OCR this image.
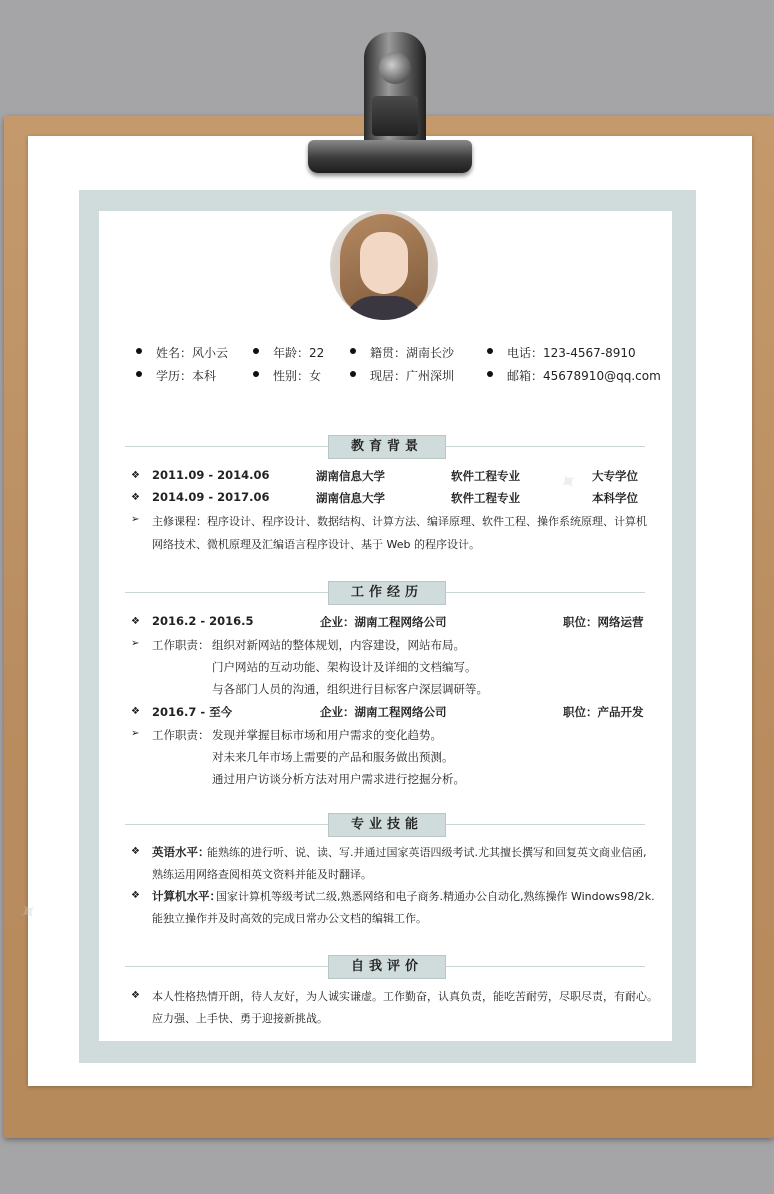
✦
✦
姓名：风小云	年龄：22	籍贯：湖南长沙	电话：123-4567-8910
学历：本科	性别：女	现居：广州深圳	邮箱：45678910@qq.com
教育背景
❖ 2011.09 - 2014.06	湖南信息大学	软件工程专业	大专学位
❖ 2014.09 - 2017.06	湖南信息大学	软件工程专业	本科学位
➢ 主修课程：程序设计、程序设计、数据结构、计算方法、编译原理、软件工程、操作系统原理、计算机
网络技术、微机原理及汇编语言程序设计、基于 Web 的程序设计。
工作经历
❖ 2016.2 - 2016.5	企业：湖南工程网络公司	职位：网络运营
➢ 工作职责： 组织对新网站的整体规划，内容建设，网站布局。
门户网站的互动功能、架构设计及详细的文档编写。
与各部门人员的沟通，组织进行目标客户深层调研等。
❖ 2016.7 - 至今	企业：湖南工程网络公司	职位：产品开发
➢ 工作职责： 发现并掌握目标市场和用户需求的变化趋势。
对未来几年市场上需要的产品和服务做出预测。
通过用户访谈分析方法对用户需求进行挖掘分析。
专业技能
❖ 英语水平：
能熟练的进行听、说、读、写.并通过国家英语四级考试.尤其擅长撰写和回复英文商业信函,
熟练运用网络查阅相英文资料并能及时翻译。
❖ 计算机水平：
国家计算机等级考试二级,熟悉网络和电子商务.精通办公自动化,熟练操作 Windows98/2k.
能独立操作并及时高效的完成日常办公文档的编辑工作。
自我评价
❖ 本人性格热情开朗，待人友好，为人诚实谦虚。工作勤奋，认真负责，能吃苦耐劳，尽职尽责，有耐心。
应力强、上手快、勇于迎接新挑战。
